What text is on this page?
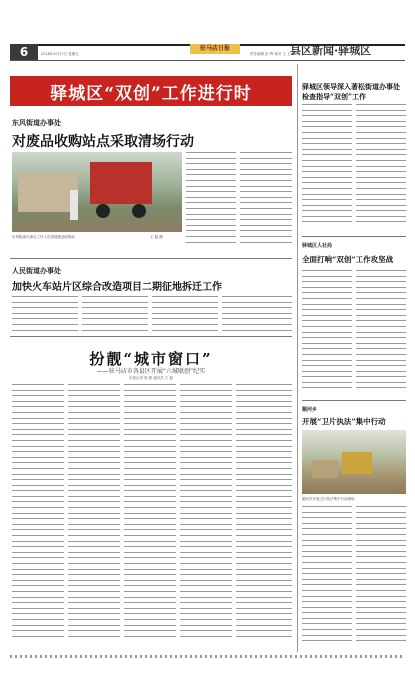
6	2018年4月27日 星期五
驻马店日报
责任编辑 彭 辉 校对 王 玉 县区新闻·驿城区
驿城区“双创”工作进行时
东风街道办事处
对废品收购站点采取清场行动
东风街道办事处工作人员清理废品收购站	王 磊 摄
人民街道办事处
加快火车站片区综合改造项目二期征地拆迁工作
扮靓“城市窗口”
——驻马店市各县区开展“六城联创”纪实
本报记者 郭 蕾 通讯员 王 磊
驿城区领导深入著松街道办事处检查指导“双创”工作
驿城区人社局
全面打响“双创”工作攻坚战
顺河乡
开展“卫片执法”集中行动
顺河乡开展卫片执法集中行动现场
